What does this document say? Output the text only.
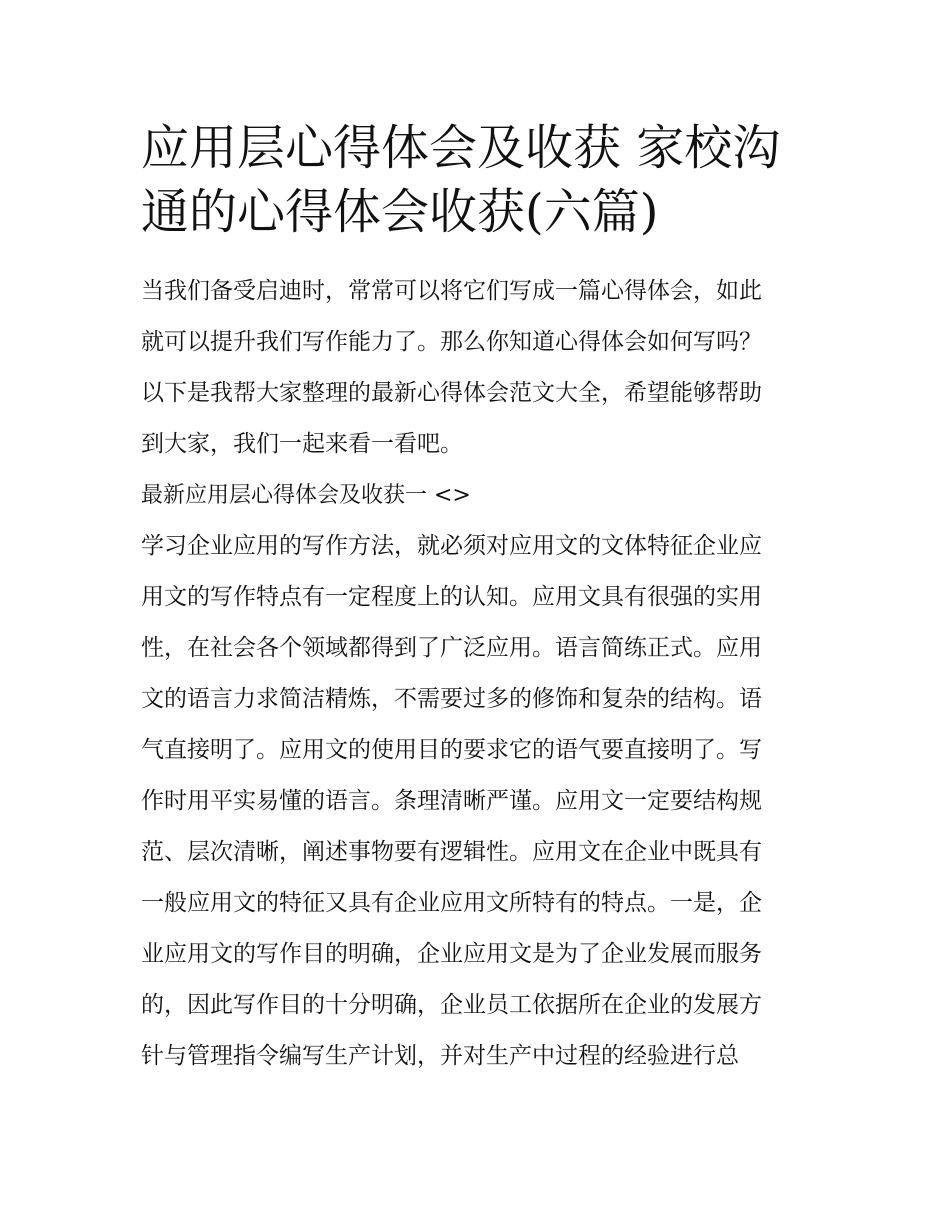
应用层心得体会及收获 家校沟
通的心得体会收获(六篇)
当我们备受启迪时，常常可以将它们写成一篇心得体会，如此
就可以提升我们写作能力了。那么你知道心得体会如何写吗？
以下是我帮大家整理的最新心得体会范文大全，希望能够帮助
到大家，我们一起来看一看吧。
最新应用层心得体会及收获一 <>
学习企业应用的写作方法，就必须对应用文的文体特征企业应
用文的写作特点有一定程度上的认知。应用文具有很强的实用
性，在社会各个领域都得到了广泛应用。语言简练正式。应用
文的语言力求简洁精炼，不需要过多的修饰和复杂的结构。语
气直接明了。应用文的使用目的要求它的语气要直接明了。写
作时用平实易懂的语言。条理清晰严谨。应用文一定要结构规
范、层次清晰，阐述事物要有逻辑性。应用文在企业中既具有
一般应用文的特征又具有企业应用文所特有的特点。一是，企
业应用文的写作目的明确，企业应用文是为了企业发展而服务
的，因此写作目的十分明确，企业员工依据所在企业的发展方
针与管理指令编写生产计划，并对生产中过程的经验进行总
